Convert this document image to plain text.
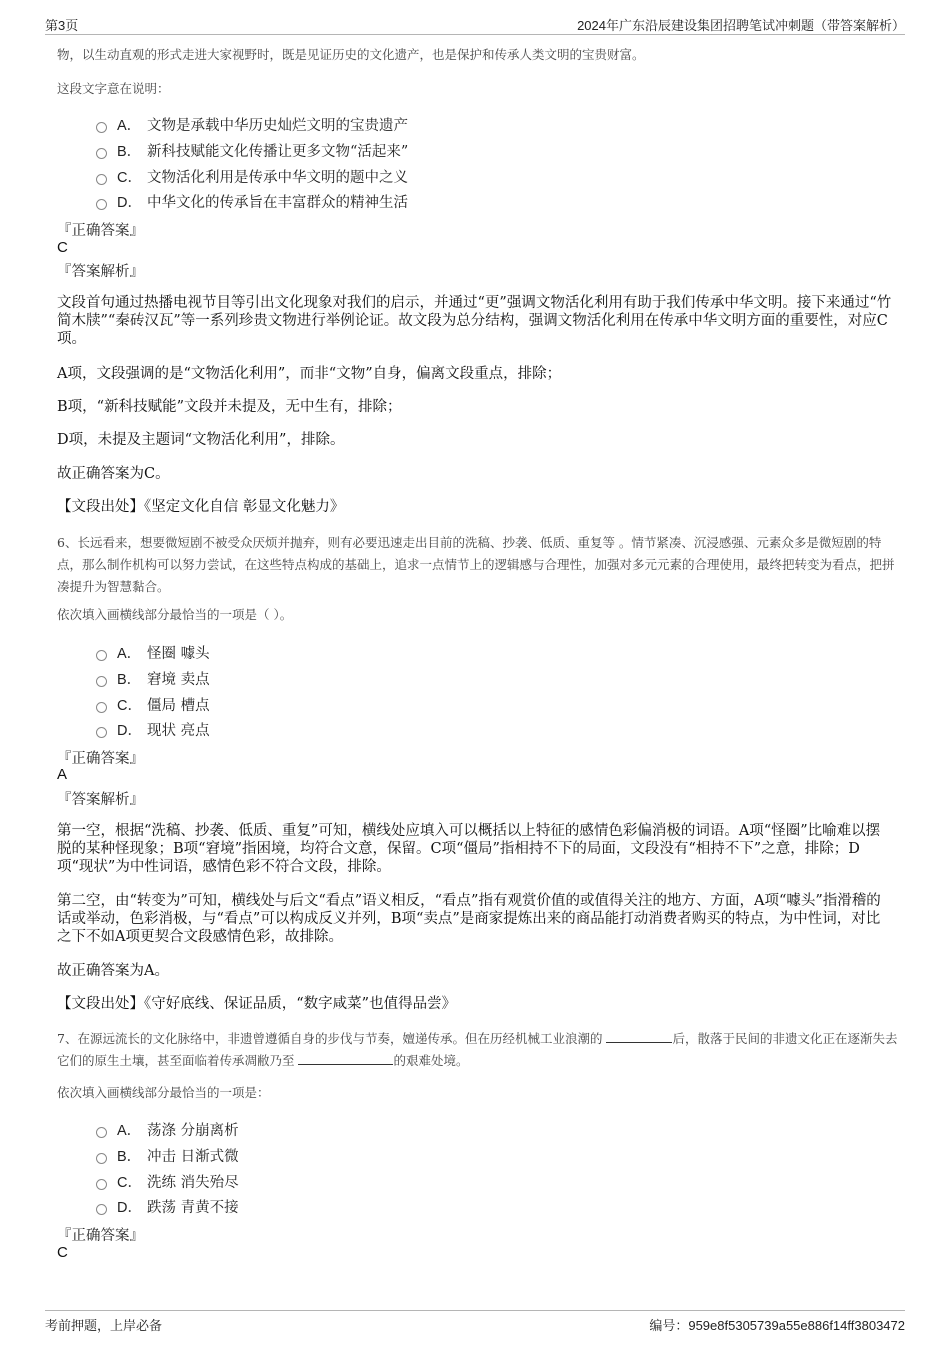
第3页	2024年广东沿辰建设集团招聘笔试冲刺题（带答案解析）
物，以生动直观的形式走进大家视野时，既是见证历史的文化遗产，也是保护和传承人类文明的宝贵财富。
这段文字意在说明：
A． 文物是承载中华历史灿烂文明的宝贵遗产
B． 新科技赋能文化传播让更多文物“活起来”
C． 文物活化利用是传承中华文明的题中之义
D． 中华文化的传承旨在丰富群众的精神生活
『正确答案』
C
『答案解析』
文段首句通过热播电视节目等引出文化现象对我们的启示，并通过“更”强调文物活化利用有助于我们传承中华文明。接下来通过“竹简木牍”“秦砖汉瓦”等一系列珍贵文物进行举例论证。故文段为总分结构，强调文物活化利用在传承中华文明方面的重要性，对应C项。
A项，文段强调的是“文物活化利用”，而非“文物”自身，偏离文段重点，排除；
B项，“新科技赋能”文段并未提及，无中生有，排除；
D项，未提及主题词“文物活化利用”，排除。
故正确答案为C。
【文段出处】《坚定文化自信 彰显文化魅力》
6、长远看来，想要微短剧不被受众厌烦并抛弃，则有必要迅速走出目前的洗稿、抄袭、低质、重复等 。情节紧凑、沉浸感强、元素众多是微短剧的特点，那么制作机构可以努力尝试，在这些特点构成的基础上，追求一点情节上的逻辑感与合理性，加强对多元元素的合理使用，最终把转变为看点，把拼凑提升为智慧黏合。
依次填入画横线部分最恰当的一项是（ ）。
A． 怪圈 噱头
B． 窘境 卖点
C． 僵局 槽点
D． 现状 亮点
『正确答案』
A
『答案解析』
第一空，根据“洗稿、抄袭、低质、重复”可知，横线处应填入可以概括以上特征的感情色彩偏消极的词语。A项“怪圈”比喻难以摆脱的某种怪现象；B项“窘境”指困境，均符合文意，保留。C项“僵局”指相持不下的局面，文段没有“相持不下”之意，排除；D项“现状”为中性词语，感情色彩不符合文段，排除。
第二空，由“转变为”可知，横线处与后文“看点”语义相反，“看点”指有观赏价值的或值得关注的地方、方面，A项“噱头”指滑稽的话或举动，色彩消极，与“看点”可以构成反义并列，B项“卖点”是商家提炼出来的商品能打动消费者购买的特点，为中性词，对比之下不如A项更契合文段感情色彩，故排除。
故正确答案为A。
【文段出处】《守好底线、保证品质，“数字咸菜”也值得品尝》
7、在源远流长的文化脉络中，非遗曾遵循自身的步伐与节奏，嬗递传承。但在历经机械工业浪潮的	后，散落于民间的非遗文化正在逐渐失去它们的原生土壤，甚至面临着传承凋敝乃至	的艰难处境。
依次填入画横线部分最恰当的一项是：
A． 荡涤 分崩离析
B． 冲击 日渐式微
C． 洗练 消失殆尽
D． 跌荡 青黄不接
『正确答案』
C
考前押题，上岸必备	编号：959e8f5305739a55e886f14ff3803472
